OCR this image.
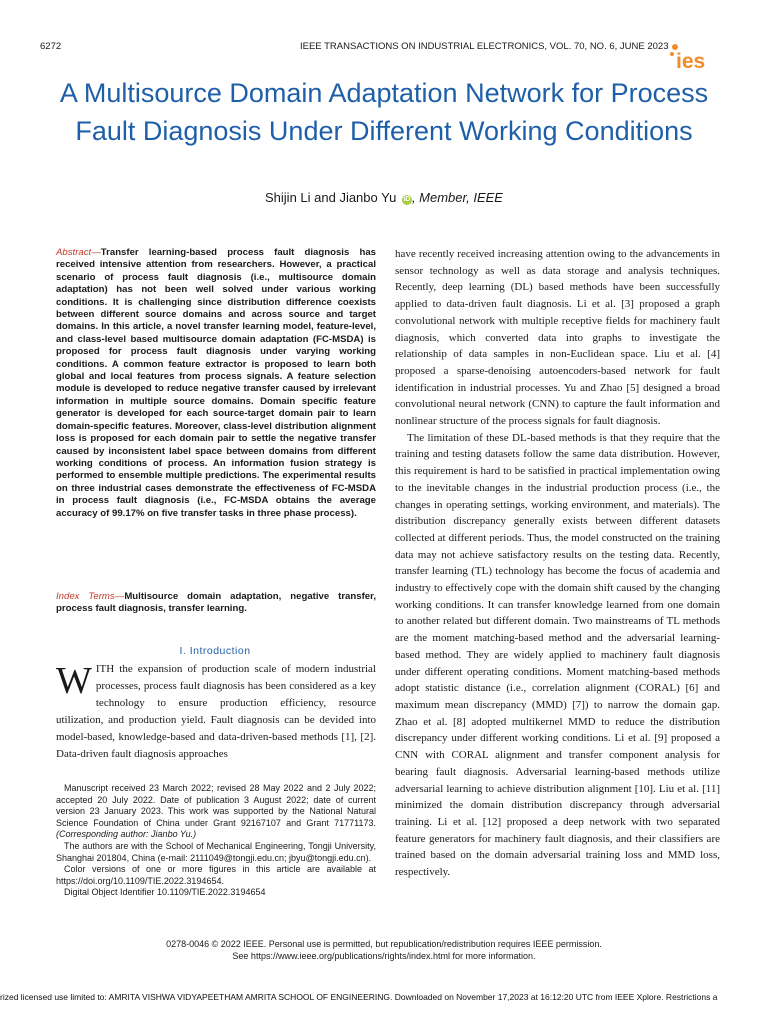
6272	IEEE TRANSACTIONS ON INDUSTRIAL ELECTRONICS, VOL. 70, NO. 6, JUNE 2023
ies
A Multisource Domain Adaptation Network for Process Fault Diagnosis Under Different Working Conditions
Shijin Li and Jianbo Yu iD , Member, IEEE

Abstract—Transfer learning-based process fault diagnosis has received intensive attention from researchers. However, a practical scenario of process fault diagnosis (i.e., multisource domain adaptation) has not been well solved under various working conditions. It is challenging since distribution difference coexists between different source domains and across source and target domains. In this article, a novel transfer learning model, feature-level, and class-level based multisource domain adaptation (FC-MSDA) is proposed for process fault diagnosis under varying working conditions. A common feature extractor is proposed to learn both global and local features from process signals. A feature selection module is developed to reduce negative transfer caused by irrelevant information in multiple source domains. Domain specific feature generator is developed for each source-target domain pair to learn domain-specific features. Moreover, class-level distribution alignment loss is proposed for each domain pair to settle the negative transfer caused by inconsistent label space between domains from different working conditions of process. An information fusion strategy is performed to ensemble multiple predictions. The experimental results on three industrial cases demonstrate the effectiveness of FC-MSDA in process fault diagnosis (i.e., FC-MSDA obtains the average accuracy of 99.17% on five transfer tasks in three phase process).

Index Terms—Multisource domain adaptation, negative transfer, process fault diagnosis, transfer learning.

I. Introduction

WITH the expansion of production scale of modern industrial processes, process fault diagnosis has been considered as a key technology to ensure production efficiency, resource utilization, and production yield. Fault diagnosis can be devided into model-based, knowledge-based and data-driven-based methods [1], [2]. Data-driven fault diagnosis approaches

Manuscript received 23 March 2022; revised 28 May 2022 and 2 July 2022; accepted 20 July 2022. Date of publication 3 August 2022; date of current version 23 January 2023. This work was supported by the National Natural Science Foundation of China under Grant 92167107 and Grant 71771173. (Corresponding author: Jianbo Yu.)

The authors are with the School of Mechanical Engineering, Tongji University, Shanghai 201804, China (e-mail: 2111049@tongji.edu.cn; jbyu@tongji.edu.cn).

Color versions of one or more figures in this article are available at https://doi.org/10.1109/TIE.2022.3194654.

Digital Object Identifier 10.1109/TIE.2022.3194654

have recently received increasing attention owing to the advancements in sensor technology as well as data storage and analysis techniques. Recently, deep learning (DL) based methods have been successfully applied to data-driven fault diagnosis. Li et al. [3] proposed a graph convolutional network with multiple receptive fields for machinery fault diagnosis, which converted data into graphs to investigate the relationship of data samples in non-Euclidean space. Liu et al. [4] proposed a sparse-denoising autoencoders-based network for fault identification in industrial processes. Yu and Zhao [5] designed a broad convolutional neural network (CNN) to capture the fault information and nonlinear structure of the process signals for fault diagnosis.

The limitation of these DL-based methods is that they require that the training and testing datasets follow the same data distribution. However, this requirement is hard to be satisfied in practical implementation owing to the inevitable changes in the industrial production process (i.e., the changes in operating settings, working environment, and materials). The distribution discrepancy generally exists between different datasets collected at different periods. Thus, the model constructed on the training data may not achieve satisfactory results on the testing data. Recently, transfer learning (TL) technology has become the focus of academia and industry to effectively cope with the domain shift caused by the changing working conditions. It can transfer knowledge learned from one domain to another related but different domain. Two mainstreams of TL methods are the moment matching-based method and the adversarial learning-based method. They are widely applied to machinery fault diagnosis under different operating conditions. Moment matching-based methods adopt statistic distance (i.e., correlation alignment (CORAL) [6] and maximum mean discrepancy (MMD) [7]) to narrow the domain gap. Zhao et al. [8] adopted multikernel MMD to reduce the distribution discrepancy under different working conditions. Li et al. [9] proposed a CNN with CORAL alignment and transfer component analysis for bearing fault diagnosis. Adversarial learning-based methods utilize adversarial learning to achieve distribution alignment [10]. Liu et al. [11] minimized the domain distribution discrepancy through adversarial training. Li et al. [12] proposed a deep network with two separated feature generators for machinery fault diagnosis, and their classifiers are trained based on the domain adversarial training loss and MMD loss, respectively.

0278-0046 © 2022 IEEE. Personal use is permitted, but republication/redistribution requires IEEE permission.
See https://www.ieee.org/publications/rights/index.html for more information.
rized licensed use limited to: AMRITA VISHWA VIDYAPEETHAM AMRITA SCHOOL OF ENGINEERING. Downloaded on November 17,2023 at 16:12:20 UTC from IEEE Xplore. Restrictions a
